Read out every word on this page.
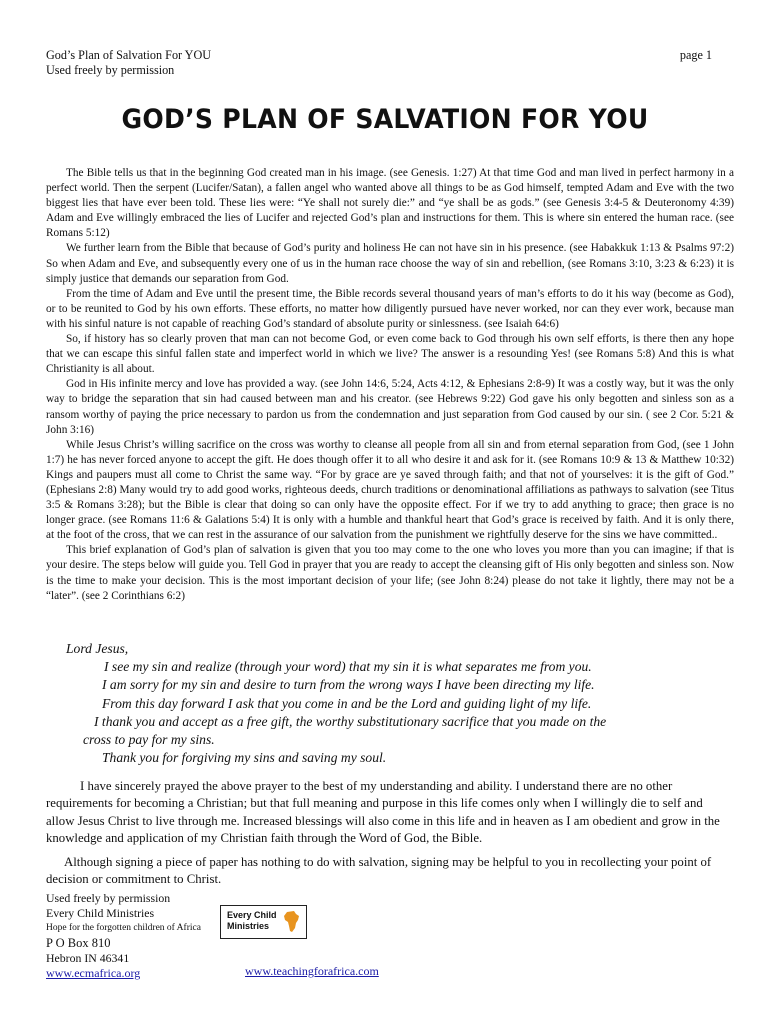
God’s Plan of Salvation For YOU
Used freely by permission
page 1
GOD’S PLAN OF SALVATION FOR YOU

The Bible tells us that in the beginning God created man in his image. (see Genesis. 1:27) At that time God and man lived in perfect harmony in a perfect world. Then the serpent (Lucifer/Satan), a fallen angel who wanted above all things to be as God himself, tempted Adam and Eve with the two biggest lies that have ever been told. These lies were: “Ye shall not surely die:” and “ye shall be as gods.” (see Genesis 3:4-5 & Deuteronomy 4:39) Adam and Eve willingly embraced the lies of Lucifer and rejected God’s plan and instructions for them. This is where sin entered the human race. (see Romans 5:12)

We further learn from the Bible that because of God’s purity and holiness He can not have sin in his presence. (see Habakkuk 1:13 & Psalms 97:2) So when Adam and Eve, and subsequently every one of us in the human race choose the way of sin and rebellion, (see Romans 3:10, 3:23 & 6:23) it is simply justice that demands our separation from God.

From the time of Adam and Eve until the present time, the Bible records several thousand years of man’s efforts to do it his way (become as God), or to be reunited to God by his own efforts. These efforts, no matter how diligently pursued have never worked, nor can they ever work, because man with his sinful nature is not capable of reaching God’s standard of absolute purity or sinlessness. (see Isaiah 64:6)

So, if history has so clearly proven that man can not become God, or even come back to God through his own self efforts, is there then any hope that we can escape this sinful fallen state and imperfect world in which we live? The answer is a resounding Yes! (see Romans 5:8) And this is what Christianity is all about.

God in His infinite mercy and love has provided a way. (see John 14:6, 5:24, Acts 4:12, & Ephesians 2:8-9) It was a costly way, but it was the only way to bridge the separation that sin had caused between man and his creator. (see Hebrews 9:22) God gave his only begotten and sinless son as a ransom worthy of paying the price necessary to pardon us from the condemnation and just separation from God caused by our sin. ( see 2 Cor. 5:21 & John 3:16)

While Jesus Christ’s willing sacrifice on the cross was worthy to cleanse all people from all sin and from eternal separation from God, (see 1 John 1:7) he has never forced anyone to accept the gift. He does though offer it to all who desire it and ask for it. (see Romans 10:9 & 13 & Matthew 10:32) Kings and paupers must all come to Christ the same way. “For by grace are ye saved through faith; and that not of yourselves: it is the gift of God.” (Ephesians 2:8) Many would try to add good works, righteous deeds, church traditions or denominational affiliations as pathways to salvation (see Titus 3:5 & Romans 3:28); but the Bible is clear that doing so can only have the opposite effect. For if we try to add anything to grace; then grace is no longer grace. (see Romans 11:6 & Galations 5:4) It is only with a humble and thankful heart that God’s grace is received by faith. And it is only there, at the foot of the cross, that we can rest in the assurance of our salvation from the punishment we rightfully deserve for the sins we have committed..

This brief explanation of God’s plan of salvation is given that you too may come to the one who loves you more than you can imagine; if that is your desire. The steps below will guide you. Tell God in prayer that you are ready to accept the cleansing gift of His only begotten and sinless son. Now is the time to make your decision. This is the most important decision of your life; (see John 8:24) please do not take it lightly, there may not be a “later”. (see 2 Corinthians 6:2)

Lord Jesus,
I see my sin and realize (through your word) that my sin it is what separates me from you.
I am sorry for my sin and desire to turn from the wrong ways I have been directing my life.
From this day forward I ask that you come in and be the Lord and guiding light of my life.
I thank you and accept as a free gift, the worthy substitutionary sacrifice that you made on the
cross to pay for my sins.
Thank you for forgiving my sins and saving my soul.

I have sincerely prayed the above prayer to the best of my understanding and ability. I understand there are no other requirements for becoming a Christian; but that full meaning and purpose in this life comes only when I willingly die to self and allow Jesus Christ to live through me. Increased blessings will also come in this life and in heaven as I am obedient and grow in the knowledge and application of my Christian faith through the Word of God, the Bible.

Although signing a piece of paper has nothing to do with salvation, signing may be helpful to you in recollecting your point of decision or commitment to Christ.

Used freely by permission
Every Child Ministries
Hope for the forgotten children of Africa
P O Box 810
Hebron IN 46341
www.ecmafrica.org	www.teachingforafrica.com
Every Child
Ministries
